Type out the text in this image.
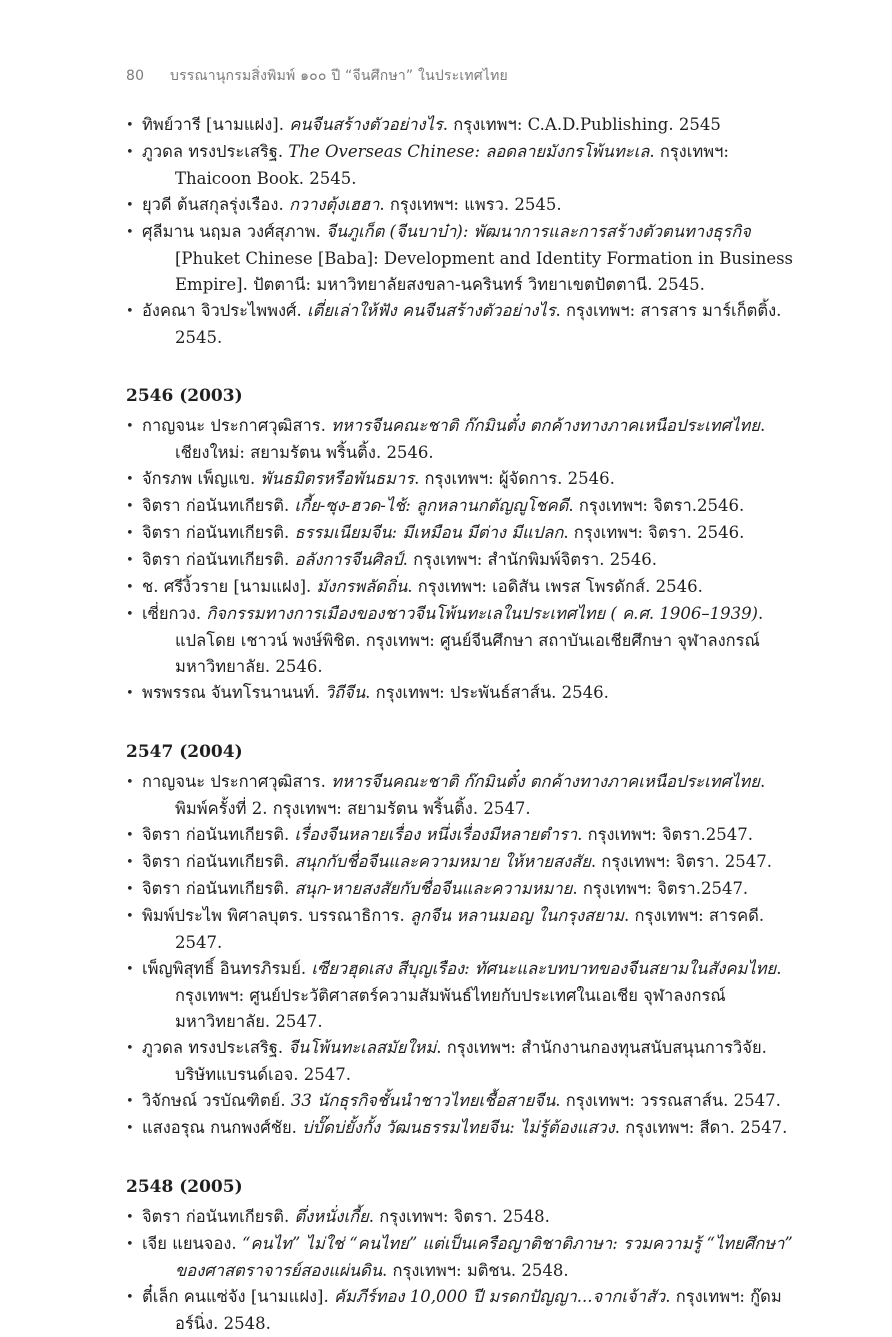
80 บรรณานุกรมสิ่งพิมพ์ ๑๐๐ ปี “จีนศึกษา” ในประเทศไทย
• ทิพย์วารี [นามแฝง]. คนจีนสร้างตัวอย่างไร. กรุงเทพฯ: C.A.D.Publishing. 2545
• ภูวดล ทรงประเสริฐ. The Overseas Chinese: ลอดลายมังกรโพ้นทะเล. กรุงเทพฯ: Thaicoon Book. 2545.
• ยุวดี ต้นสกุลรุ่งเรือง. กวางตุ้งเฮฮา. กรุงเทพฯ: แพรว. 2545.
• ศุลีมาน นฤมล วงศ์สุภาพ. จีนภูเก็ต (จีนบาบ๋า): พัฒนาการและการสร้างตัวตนทางธุรกิจ [Phuket Chinese [Baba]: Development and Identity Formation in Business Empire]. ปัตตานี: มหาวิทยาลัยสงขลา-นครินทร์ วิทยาเขตปัตตานี. 2545.
• อังคณา จิวประไพพงศ์. เตี่ยเล่าให้ฟัง คนจีนสร้างตัวอย่างไร. กรุงเทพฯ: สารสาร มาร์เก็ตติ้ง. 2545.
2546 (2003)
• กาญจนะ ประกาศวุฒิสาร. ทหารจีนคณะชาติ ก๊กมินตั๋ง ตกค้างทางภาคเหนือประเทศไทย. เชียงใหม่: สยามรัตน พริ้นติ้ง. 2546.
• จักรภพ เพ็ญแข. พันธมิตรหรือพันธมาร. กรุงเทพฯ: ผู้จัดการ. 2546.
• จิตรา ก่อนันทเกียรติ. เกี้ย-ซุง-ฮวด-ไช้: ลูกหลานกตัญญูโชคดี. กรุงเทพฯ: จิตรา.2546.
• จิตรา ก่อนันทเกียรติ. ธรรมเนียมจีน: มีเหมือน มีต่าง มีแปลก. กรุงเทพฯ: จิตรา. 2546.
• จิตรา ก่อนันทเกียรติ. อลังการจีนศิลป์. กรุงเทพฯ: สำนักพิมพ์จิตรา. 2546.
• ช. ศรีงิ้วราย [นามแฝง]. มังกรพลัดถิ่น. กรุงเทพฯ: เอดิสัน เพรส โพรดักส์. 2546.
• เซี่ยกวง. กิจกรรมทางการเมืองของชาวจีนโพ้นทะเลในประเทศไทย ( ค.ศ. 1906–1939). แปลโดย เชาวน์ พงษ์พิชิต. กรุงเทพฯ: ศูนย์จีนศึกษา สถาบันเอเชียศึกษา จุฬาลงกรณ์มหาวิทยาลัย. 2546.
• พรพรรณ จันทโรนานนท์. วิถีจีน. กรุงเทพฯ: ประพันธ์สาส์น. 2546.
2547 (2004)
• กาญจนะ ประกาศวุฒิสาร. ทหารจีนคณะชาติ ก๊กมินตั๋ง ตกค้างทางภาคเหนือประเทศไทย. พิมพ์ครั้งที่ 2. กรุงเทพฯ: สยามรัตน พริ้นติ้ง. 2547.
• จิตรา ก่อนันทเกียรติ. เรื่องจีนหลายเรื่อง หนึ่งเรื่องมีหลายตำรา. กรุงเทพฯ: จิตรา.2547.
• จิตรา ก่อนันทเกียรติ. สนุกกับชื่อจีนและความหมาย ให้หายสงสัย. กรุงเทพฯ: จิตรา. 2547.
• จิตรา ก่อนันทเกียรติ. สนุก-หายสงสัยกับชื่อจีนและความหมาย. กรุงเทพฯ: จิตรา.2547.
• พิมพ์ประไพ พิศาลบุตร. บรรณาธิการ. ลูกจีน หลานมอญ ในกรุงสยาม. กรุงเทพฯ: สารคดี. 2547.
• เพ็ญพิสุทธิ์ อินทรภิรมย์. เซียวฮุดเสง สีบุญเรือง: ทัศนะและบทบาทของจีนสยามในสังคมไทย. กรุงเทพฯ: ศูนย์ประวัติศาสตร์ความสัมพันธ์ไทยกับประเทศในเอเชีย จุฬาลงกรณ์มหาวิทยาลัย. 2547.
• ภูวดล ทรงประเสริฐ. จีนโพ้นทะเลสมัยใหม่. กรุงเทพฯ: สำนักงานกองทุนสนับสนุนการวิจัย. บริษัทแบรนด์เอจ. 2547.
• วิจักษณ์ วรบัณฑิตย์. 33 นักธุรกิจชั้นนำชาวไทยเชื้อสายจีน. กรุงเทพฯ: วรรณสาส์น. 2547.
• แสงอรุณ กนกพงศ์ชัย. บ่บั๊ดบ่ยั้งกั้ง วัฒนธรรมไทยจีน: ไม่รู้ต้องแสวง. กรุงเทพฯ: สีดา. 2547.
2548 (2005)
• จิตรา ก่อนันทเกียรติ. ตึ่งหนั่งเกี้ย. กรุงเทพฯ: จิตรา. 2548.
• เจีย แยนจอง. “คนไท” ไม่ใช่ “คนไทย” แต่เป็นเครือญาติชาติภาษา: รวมความรู้ “ไทยศึกษา” ของศาสตราจารย์สองแผ่นดิน. กรุงเทพฯ: มติชน. 2548.
• ตี๋เล็ก คนแซ่จัง [นามแฝง]. คัมภีร์ทอง 10,000 ปี มรดกปัญญา...จากเจ้าสัว. กรุงเทพฯ: กู๊ดมอร์นิ่ง. 2548.
